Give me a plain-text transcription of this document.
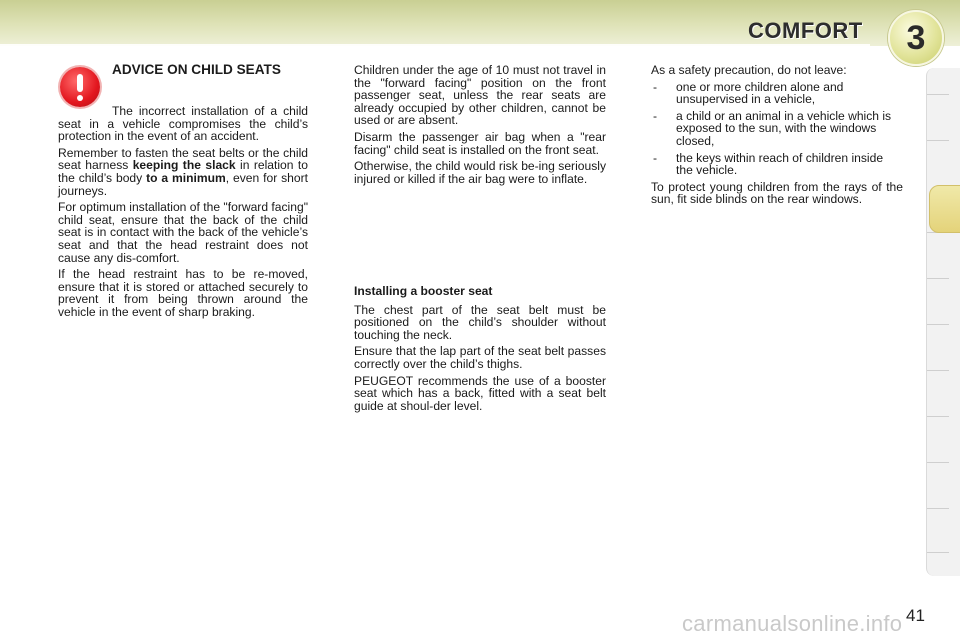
COMFORT	3
ADVICE ON CHILD SEATS

The incorrect installation of a child seat in a vehicle compromises the child’s protection in the event of an accident.

Remember to fasten the seat belts or the child seat harness keeping the slack in relation to the child’s body to a minimum, even for short journeys.

For optimum installation of the "forward facing" child seat, ensure that the back of the child seat is in contact with the back of the vehicle’s seat and that the head restraint does not cause any dis-comfort.

If the head restraint has to be re-moved, ensure that it is stored or attached securely to prevent it from being thrown around the vehicle in the event of sharp braking.

Children under the age of 10 must not travel in the "forward facing" position on the front passenger seat, unless the rear seats are already occupied by other children, cannot be used or are absent.

Disarm the passenger air bag when a "rear facing" child seat is installed on the front seat.

Otherwise, the child would risk be-ing seriously injured or killed if the air bag were to inflate.

Installing a booster seat

The chest part of the seat belt must be positioned on the child’s shoulder without touching the neck.

Ensure that the lap part of the seat belt passes correctly over the child’s thighs.

PEUGEOT recommends the use of a booster seat which has a back, fitted with a seat belt guide at shoul-der level.

As a safety precaution, do not leave:

- one or more children alone and unsupervised in a vehicle,
- a child or an animal in a vehicle which is exposed to the sun, with the windows closed,
- the keys within reach of children inside the vehicle.

To protect young children from the rays of the sun, fit side blinds on the rear windows.

carmanualsonline.info 41
